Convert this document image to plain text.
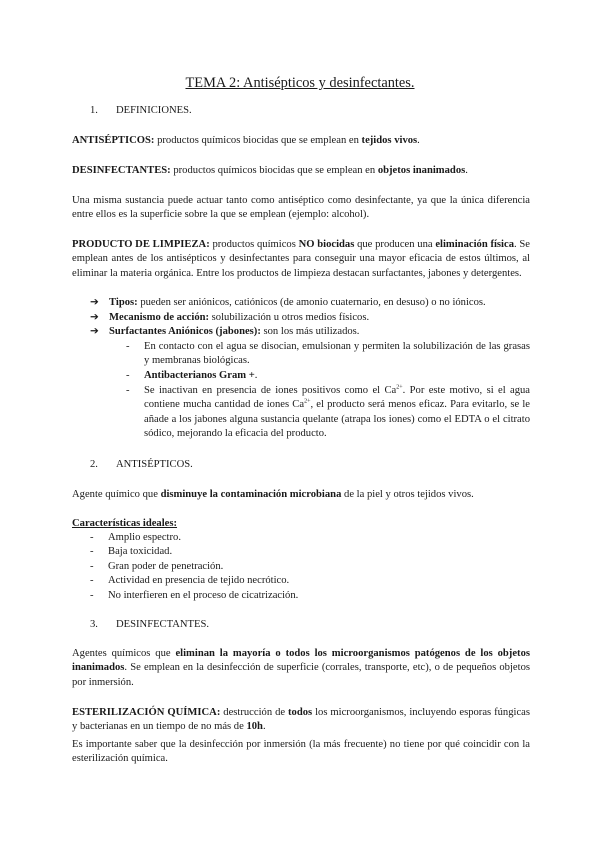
TEMA 2: Antisépticos y desinfectantes.
1. DEFINICIONES.
ANTISÉPTICOS: productos químicos biocidas que se emplean en tejidos vivos.
DESINFECTANTES: productos químicos biocidas que se emplean en objetos inanimados.
Una misma sustancia puede actuar tanto como antiséptico como desinfectante, ya que la única diferencia entre ellos es la superficie sobre la que se emplean (ejemplo: alcohol).
PRODUCTO DE LIMPIEZA: productos químicos NO biocidas que producen una eliminación física. Se emplean antes de los antisépticos y desinfectantes para conseguir una mayor eficacia de estos últimos, al eliminar la materia orgánica. Entre los productos de limpieza destacan surfactantes, jabones y detergentes.
➔ Tipos: pueden ser aniónicos, catiónicos (de amonio cuaternario, en desuso) o no iónicos.
➔ Mecanismo de acción: solubilización u otros medios físicos.
➔ Surfactantes Aniónicos (jabones): son los más utilizados.
- En contacto con el agua se disocian, emulsionan y permiten la solubilización de las grasas y membranas biológicas.
- Antibacterianos Gram +.
- Se inactivan en presencia de iones positivos como el $Ca^{2+}$. Por este motivo, si el agua contiene mucha cantidad de iones $Ca^{2+}$, el producto será menos eficaz. Para evitarlo, se le añade a los jabones alguna sustancia quelante (atrapa los iones) como el EDTA o el citrato sódico, mejorando la eficacia del producto.
2. ANTISÉPTICOS.
Agente químico que disminuye la contaminación microbiana de la piel y otros tejidos vivos.
Características ideales:
- Amplio espectro.
- Baja toxicidad.
- Gran poder de penetración.
- Actividad en presencia de tejido necrótico.
- No interfieren en el proceso de cicatrización.
3. DESINFECTANTES.
Agentes químicos que eliminan la mayoría o todos los microorganismos patógenos de los objetos inanimados. Se emplean en la desinfección de superficie (corrales, transporte, etc), o de pequeños objetos por inmersión.
ESTERILIZACIÓN QUÍMICA: destrucción de todos los microorganismos, incluyendo esporas fúngicas y bacterianas en un tiempo de no más de 10h.
Es importante saber que la desinfección por inmersión (la más frecuente) no tiene por qué coincidir con la esterilización química.
